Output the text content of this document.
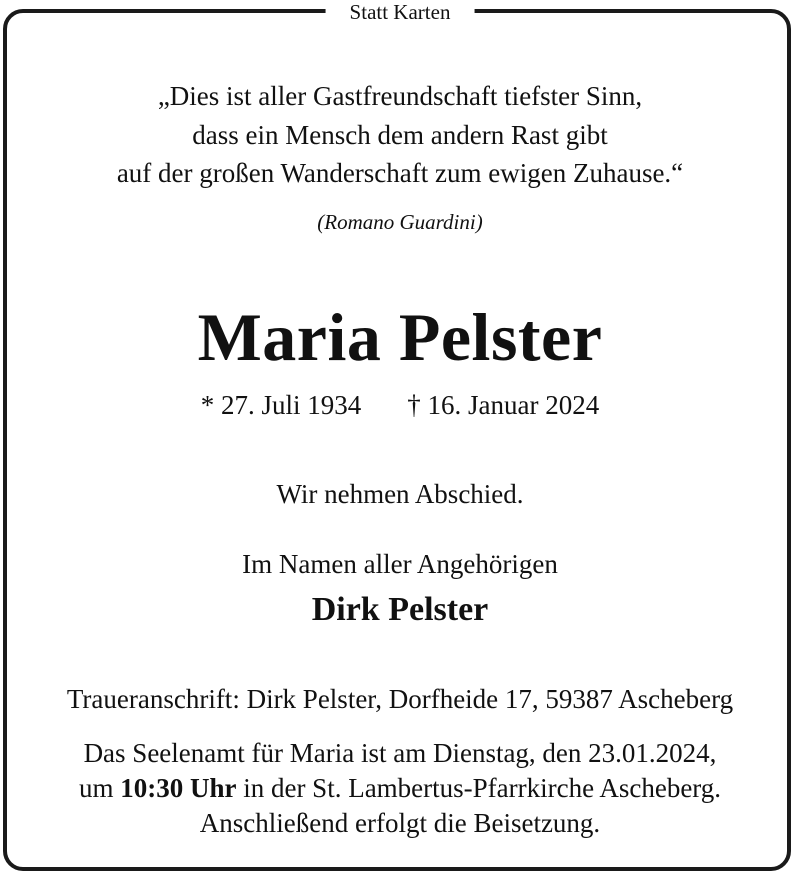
Statt Karten
„Dies ist aller Gastfreundschaft tiefster Sinn,
dass ein Mensch dem andern Rast gibt
auf der großen Wanderschaft zum ewigen Zuhause.“
(Romano Guardini)
Maria Pelster
* 27. Juli 1934 † 16. Januar 2024
Wir nehmen Abschied.
Im Namen aller Angehörigen
Dirk Pelster
Traueranschrift: Dirk Pelster, Dorfheide 17, 59387 Ascheberg
Das Seelenamt für Maria ist am Dienstag, den 23.01.2024,
um 10:30 Uhr in der St. Lambertus-Pfarrkirche Ascheberg.
Anschließend erfolgt die Beisetzung.
